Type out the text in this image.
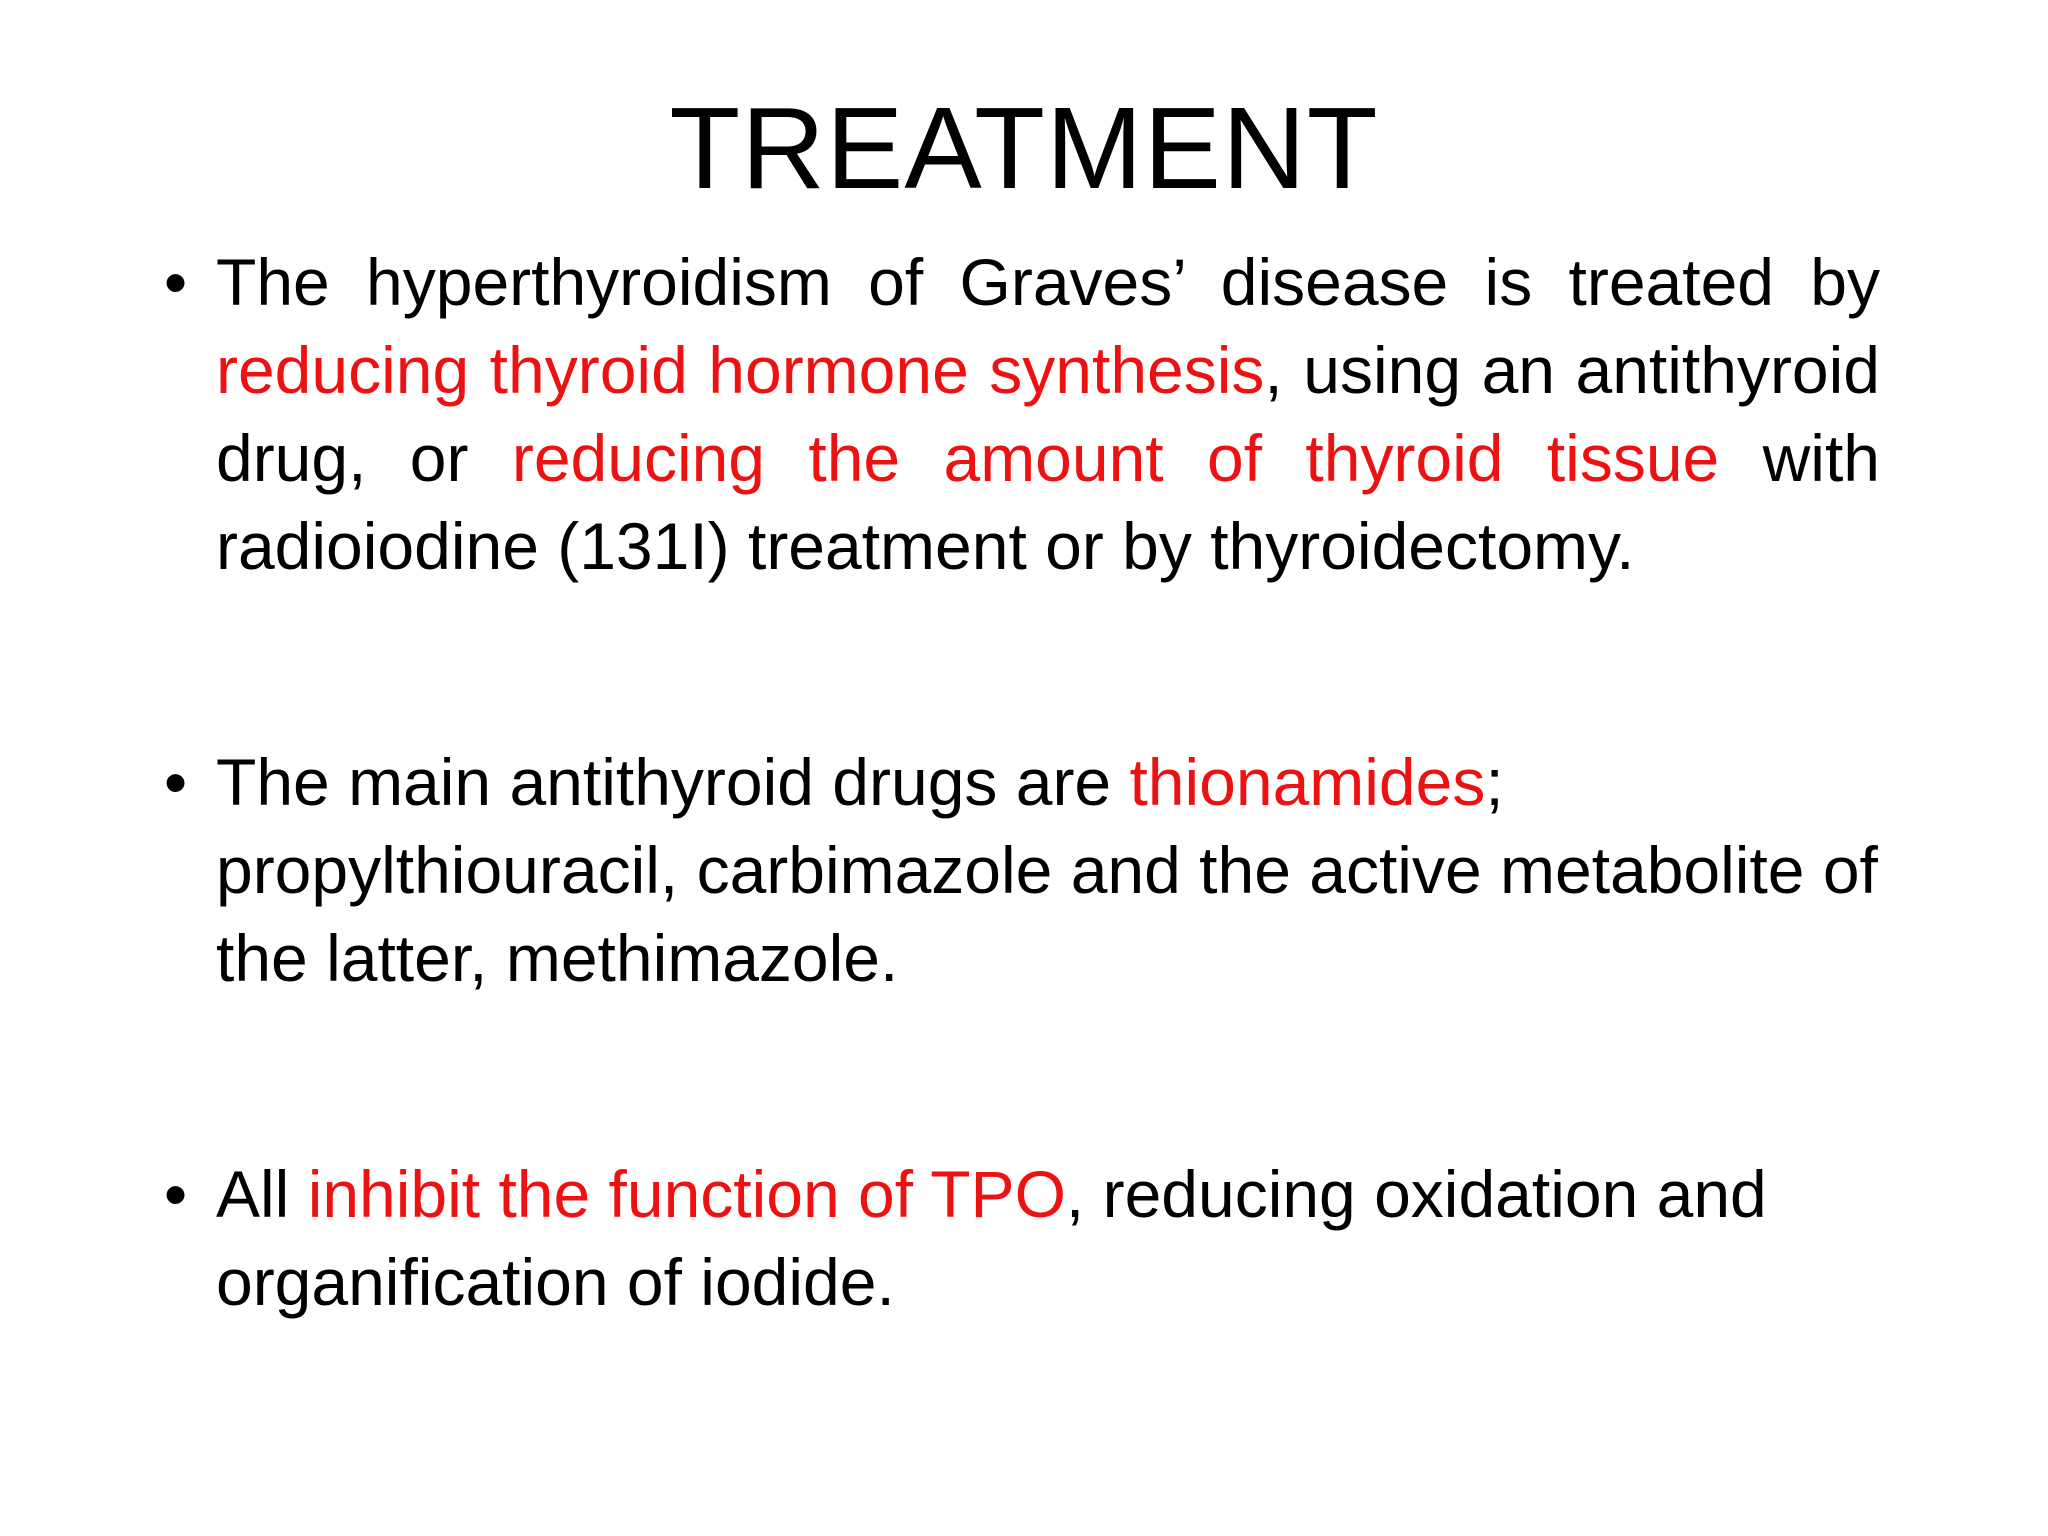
TREATMENT
• The hyperthyroidism of Graves’ disease is treated by reducing thyroid hormone synthesis, using an antithyroid drug, or reducing the amount of thyroid tissue with radioiodine (131I) treatment or by thyroidectomy.
• The main antithyroid drugs are thionamides; propylthiouracil, carbimazole and the active metabolite of the latter, methimazole.
• All inhibit the function of TPO, reducing oxidation and organification of iodide.
